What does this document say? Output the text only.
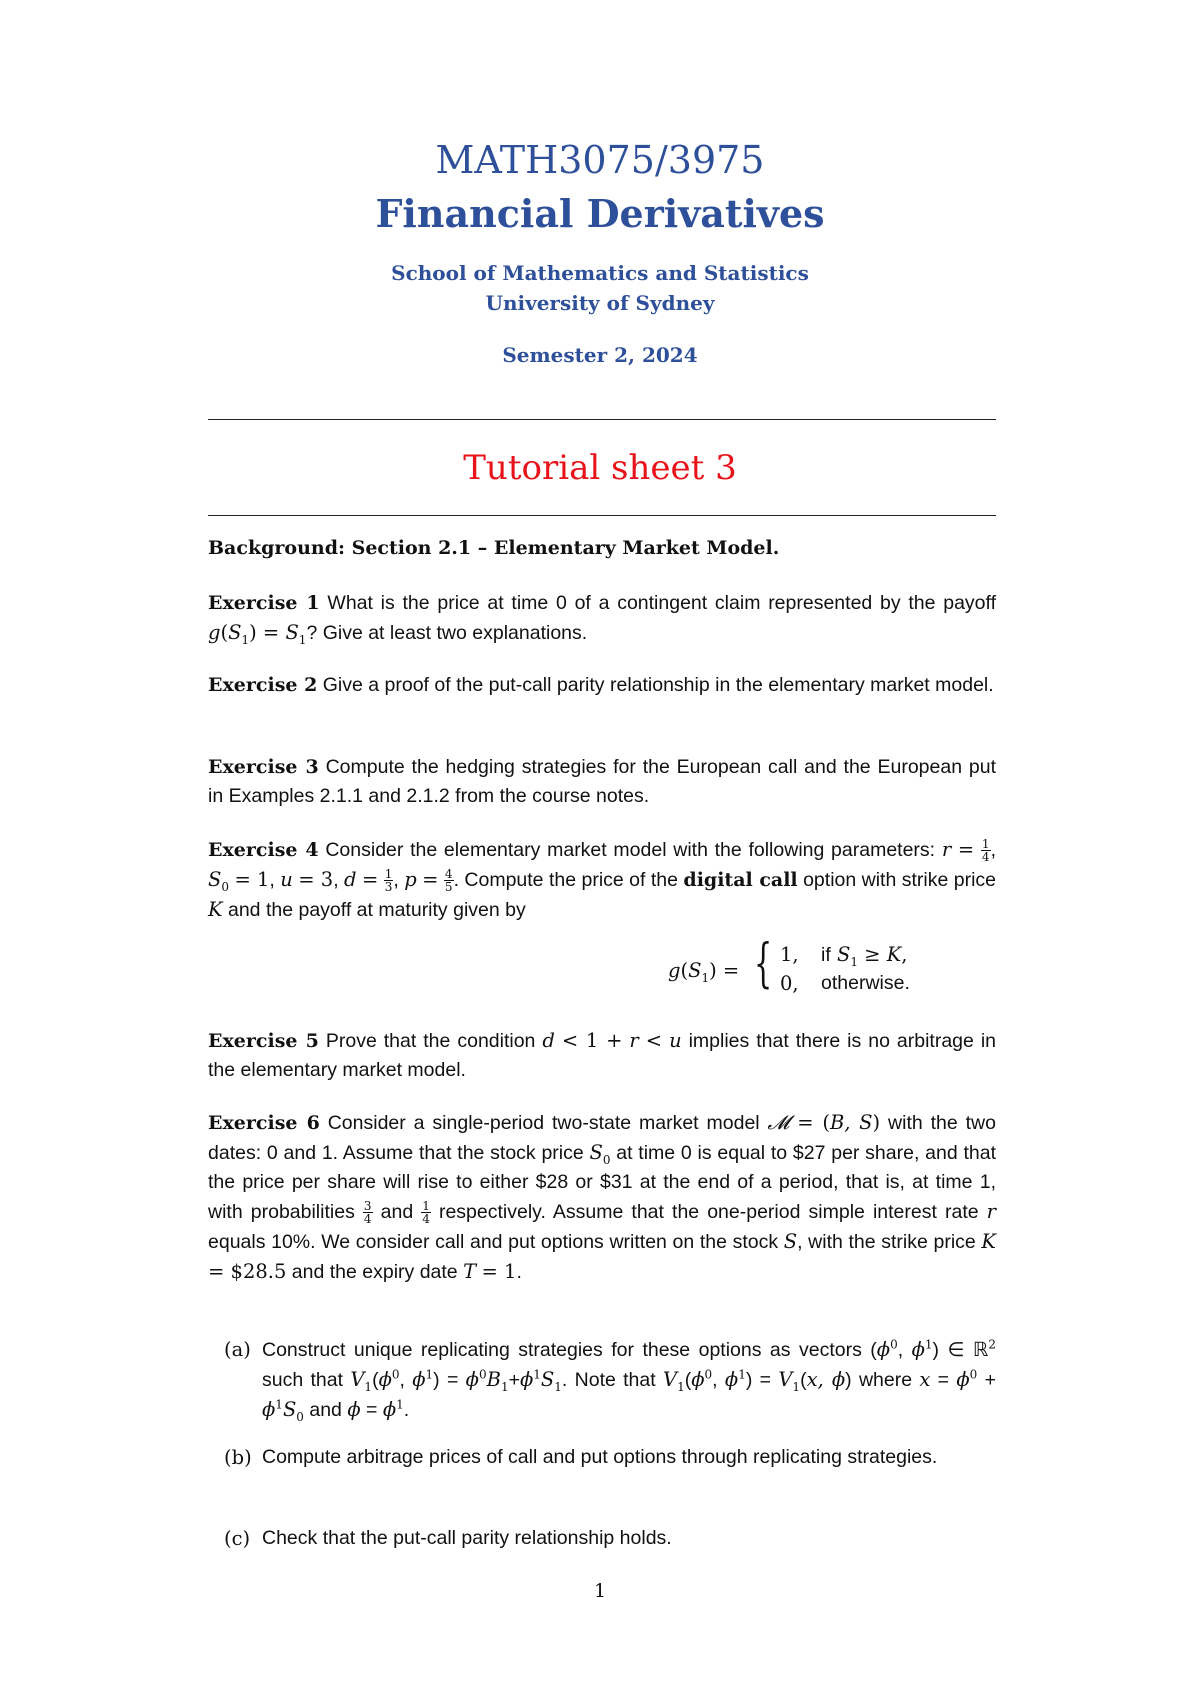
MATH3075/3975
Financial Derivatives
School of Mathematics and Statistics
University of Sydney
Semester 2, 2024
Tutorial sheet 3
Background: Section 2.1 – Elementary Market Model.
Exercise 1 What is the price at time 0 of a contingent claim represented by the payoff $g(S_1) = S_1$? Give at least two explanations.
Exercise 2 Give a proof of the put-call parity relationship in the elementary market model.
Exercise 3 Compute the hedging strategies for the European call and the European put in Examples 2.1.1 and 2.1.2 from the course notes.
Exercise 4 Consider the elementary market model with the following parameters: $r = \frac{1}{4}$ , $S_0 = 1$, u = 3, $d = \frac{1}{3}$ , $p = \frac{4}{5}$ . Compute the price of the digital call option with strike price K and the payoff at maturity given by
$g(S_1)$ = { 1, if $S_1 \ge K$,
0, otherwise.
Exercise 5 Prove that the condition d < 1 + r < u implies that there is no arbitrage in the elementary market model.
Exercise 6 Consider a single-period two-state market model 𝓜 = (B, S) with the two dates: 0 and 1. Assume that the stock price $S_0$ at time 0 is equal to $27 per share, and that the price per share will rise to either $28 or $31 at the end of a period, that is, at time 1, with probabilities $\frac{3}{4}$ and $\frac{1}{4}$ respectively. Assume that the one-period simple interest rate r equals 10%. We consider call and put options written on the stock S, with the strike price K = $28.5 and the expiry date T = 1.
(a) Construct unique replicating strategies for these options as vectors ($\phi^0$, $\phi^1$) ∈ ℝ$^2$ such that $V_1(\phi^0$, $\phi^1) = \phi^0B_1+\phi^1S_1$. Note that $V_1(\phi^0$, $\phi^1) = V_1(x$, ϕ) where $x = \phi^0 + \phi^1S_0$ and $\phi = \phi^1$.
(b) Compute arbitrage prices of call and put options through replicating strategies.
(c) Check that the put-call parity relationship holds.
1
